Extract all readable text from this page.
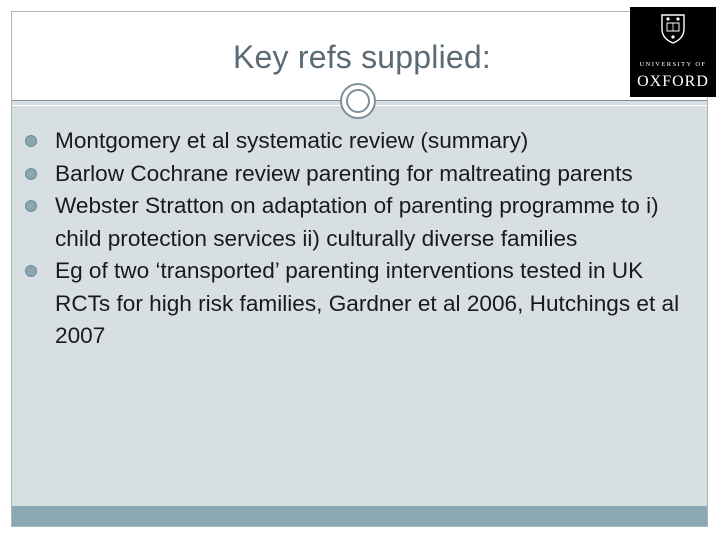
Key refs supplied:
Montgomery et al systematic review (summary)
Barlow Cochrane review parenting for maltreating parents
Webster Stratton on adaptation of parenting programme to i) child protection services ii) culturally diverse families
Eg of two ‘transported’ parenting interventions tested in UK RCTs for high risk families, Gardner et al 2006, Hutchings et al 2007
UNIVERSITY OF
OXFORD
